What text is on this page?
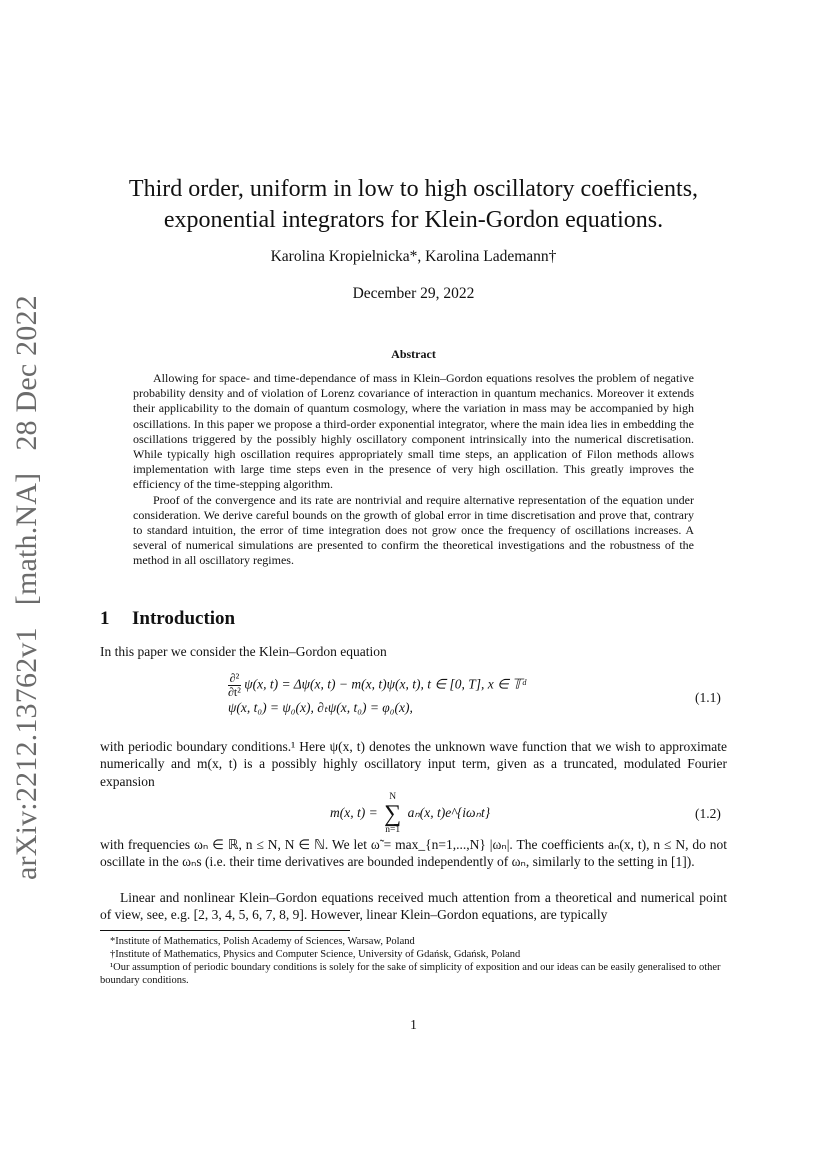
arXiv:2212.13762v1[math.NA]28 Dec 2022
Third order, uniform in low to high oscillatory coefficients,
exponential integrators for Klein-Gordon equations.
Karolina Kropielnicka*, Karolina Lademann†
December 29, 2022
Abstract

Allowing for space- and time-dependance of mass in Klein–Gordon equations resolves the problem of negative probability density and of violation of Lorenz covariance of interaction in quantum mechanics. Moreover it extends their applicability to the domain of quantum cosmology, where the variation in mass may be accompanied by high oscillations. In this paper we propose a third-order exponential integrator, where the main idea lies in embedding the oscillations triggered by the possibly highly oscillatory component intrinsically into the numerical discretisation. While typically high oscillation requires appropriately small time steps, an application of Filon methods allows implementation with large time steps even in the presence of very high oscillation. This greatly improves the efficiency of the time-stepping algorithm.

Proof of the convergence and its rate are nontrivial and require alternative representation of the equation under consideration. We derive careful bounds on the growth of global error in time discretisation and prove that, contrary to standard intuition, the error of time integration does not grow once the frequency of oscillations increases. A several of numerical simulations are presented to confirm the theoretical investigations and the robustness of the method in all oscillatory regimes.

1 Introduction
In this paper we consider the Klein–Gordon equation
$\frac{\text{∂²}}{\text{∂t²}} \psi(x$, t) = Δψ(x, t) − m(x, t)ψ(x, t), t ∈ [0, T], x ∈ 𝕋ᵈ
ψ(x, t₀) = ψ₀(x), ∂ₜψ(x, t₀) = φ₀(x),
(1.1)
with periodic boundary conditions.¹ Here ψ(x, t) denotes the unknown wave function that we wish to approximate numerically and m(x, t) is a possibly highly oscillatory input term, given as a truncated, modulated Fourier expansion
m(x, t) =
N
∑
n=1
aₙ(x, t)e^{iωₙt}	(1.2)
with frequencies ωₙ ∈ ℝ, n ≤ N, N ∈ ℕ. We let ω̃ = max_{n=1,...,N} |ωₙ|. The coefficients aₙ(x, t), n ≤ N, do not oscillate in the ωₙs (i.e. their time derivatives are bounded independently of ωₙ, similarly to the setting in [1]).
Linear and nonlinear Klein–Gordon equations received much attention from a theoretical and numerical point of view, see, e.g. [2, 3, 4, 5, 6, 7, 8, 9]. However, linear Klein–Gordon equations, are typically
*Institute of Mathematics, Polish Academy of Sciences, Warsaw, Poland
†Institute of Mathematics, Physics and Computer Science, University of Gdańsk, Gdańsk, Poland
¹Our assumption of periodic boundary conditions is solely for the sake of simplicity of exposition and our ideas can be easily generalised to other boundary conditions.
1
